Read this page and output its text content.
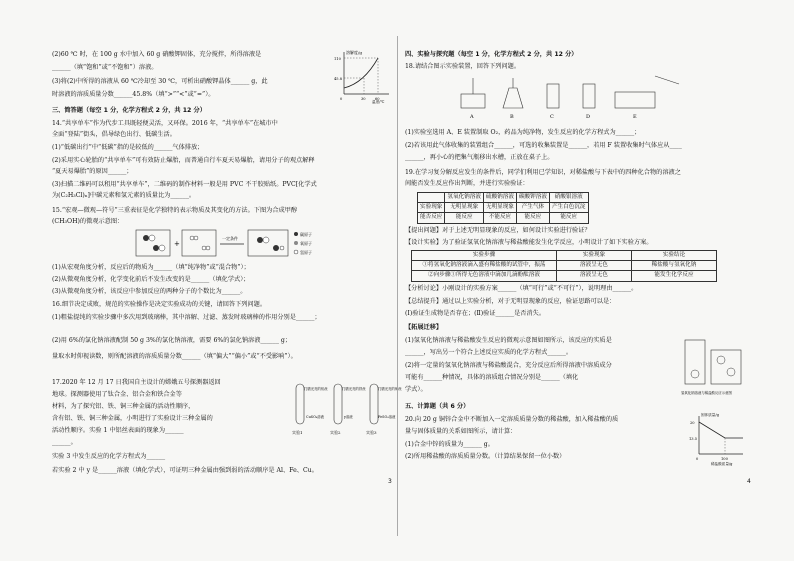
(2)60 ℃ 时，在 100 g 水中加入 60 g 硝酸钾固体，充分搅拌，所得溶液是
______（填“饱和”或“不饱和”）溶液。
(3)将(2)中所得的溶液从 60 ℃冷却至 30 ℃，可析出硝酸钾晶体______ g，此
时溶液的溶质质量分数______45.8%（填“>”“<”或“=”）。
三、简答题（每空 1 分，化学方程式 2 分，共 12 分）
14.“共享单车”作为代步工具既轻便灵活，又环保。2016 年，“共享单车”在城市中
全面“登陆”街头，倡导绿色出行、低碳生活。
(1)“低碳出行”中“低碳”指的是较低的______气体排放；
(2)采用实心轮胎的“共享单车”可有效防止爆胎，而普通自行车夏天易爆胎，请用分子的观点解释
“夏天易爆胎”的原因______；
(3)扫描二维码可以租用“共享单车”，二维码的制作材料一般是用 PVC 不干胶贴纸。PVC[化学式
为(C₂H₃Cl)ₙ]中碳元素和氢元素的质量比为______。
15.“宏观—微观—符号”三重表征是化学独特的表示物质及其变化的方法。下图为合成甲醇
(CH₃OH)的微观示意图：
(1)从宏观角度分析，反应后的物质为______（填“纯净物”或“混合物”）；
(2)从微观角度分析，化学变化前后不发生改变的是______（填化学式）；
(3)从微观角度分析，该反应中参加反应的两种分子的个数比为______。
16.细节决定成败，规范的实验操作是决定实验成功的关键，请回答下列问题。
(1)粗盐提纯的实验步骤中多次用到玻璃棒，其中溶解、过滤、蒸发时玻璃棒的作用分别是______；
(2)用 6%的氯化钠溶液配制 50 g 3%的氯化钠溶液，需要 6%的氯化钠溶液______ g；
量取水时仰视读数，则所配溶液的溶质质量分数______（填“偏大”“偏小”或“不受影响”）。
17.2020 年 12 月 17 日我国自主设计的嫦娥五号探测器返回
地球。探测器使用了钛合金、铝合金和铁合金等
材料，为了探究铝、铁、铜三种金属的活动性顺序，
含有铝、铁、铜三种金属，小明进行了实验设计三种金属的
活动性顺序。实验 1 中铝丝表面的现象为______
______。
实验 3 中发生反应的化学方程式为______
若实验 2 中 y 是______溶液（填化学式），可证明三种金属由强到弱的活动顺序是 Al、Fe、Cu。
溶解度/g
110
45.8
0	30	60
温度/℃
+
一定条件
碳原子
氧原子
氢原子
打磨光亮的铝丝
CuSO₄溶液
打磨光亮的铁丝
y溶液
打磨光亮的铜丝
FeSO₄溶液
实验1	实验2	实验3
四、实验与探究题（每空 1 分，化学方程式 2 分，共 12 分）
18.请结合图示实验装置，回答下列问题。
A	B	C	D	E
(1)实验室选用 A、E 装置制取 O₂，药品为纯净物，发生反应的化学方程式为______；
(2)若该用此气体收集的装置组合______，可选的收集装置是______，若用 F 装置收集时气体应从____
______，再小心的把集气瓶移出水槽，正放在桌子上。
19.在学习复分解反应发生的条件后，同学们利用已学知识，对稀盐酸与下表中的四种化合物的溶液之
间能否发生反应作出判断，并进行实验验证：
	氢氧化钠溶液	硫酸钠溶液	碳酸钾溶液	硝酸银溶液
实验现象	无明显现象	无明显现象	产生气体	产生白色沉淀
能否反应	能反应	不能反应	能反应	能反应
【提出问题】对于上述无明显现象的反应，如何设计实验进行验证？
【设计实验】为了验证氢氧化钠溶液与稀盐酸能发生化学反应，小明设计了如下实验方案。
实验步骤	实验现象	实验结论
①将氢氧化钠溶液滴入盛有稀盐酸的试管中，振荡	溶液呈无色	稀盐酸与氢氧化钠
②向步骤①所得无色溶液中滴加几滴酚酞溶液	溶液呈无色	能发生化学反应
【分析讨论】小刚设计的实验方案______（填“可行”或“不可行”），说明理由______。
【总结提升】通过以上实验分析，对于无明显现象的反应，验证思路可以是：
(Ⅰ)验证生成物是否存在；(Ⅱ)验证______是否消失。
【拓展迁移】
(1)氢氧化钠溶液与稀盐酸发生反应的微观示意图如图所示，该反应的实质是
______，写出另一个符合上述反应实质的化学方程式______。
(2)将一定量的氢氧化钠溶液与稀盐酸混合，充分反应后所得溶液中溶质成分
可能有______种情况，具体的溶质组合情况分别是______（填化
学式）。	氢氧化钠溶液与稀盐酸反应示意图
五、计算题（共 6 分）
20.向 20 g 铜锌合金中不断加入一定溶质质量分数的稀盐酸，加入稀盐酸的质
量与固体质量的关系如图所示，请计算：
(1)合金中锌的质量为______ g。
(2)所用稀盐酸的溶质质量分数。（计算结果保留一位小数）
固体质量/g
20
13.5
0	100
稀盐酸质量/g
3	4
